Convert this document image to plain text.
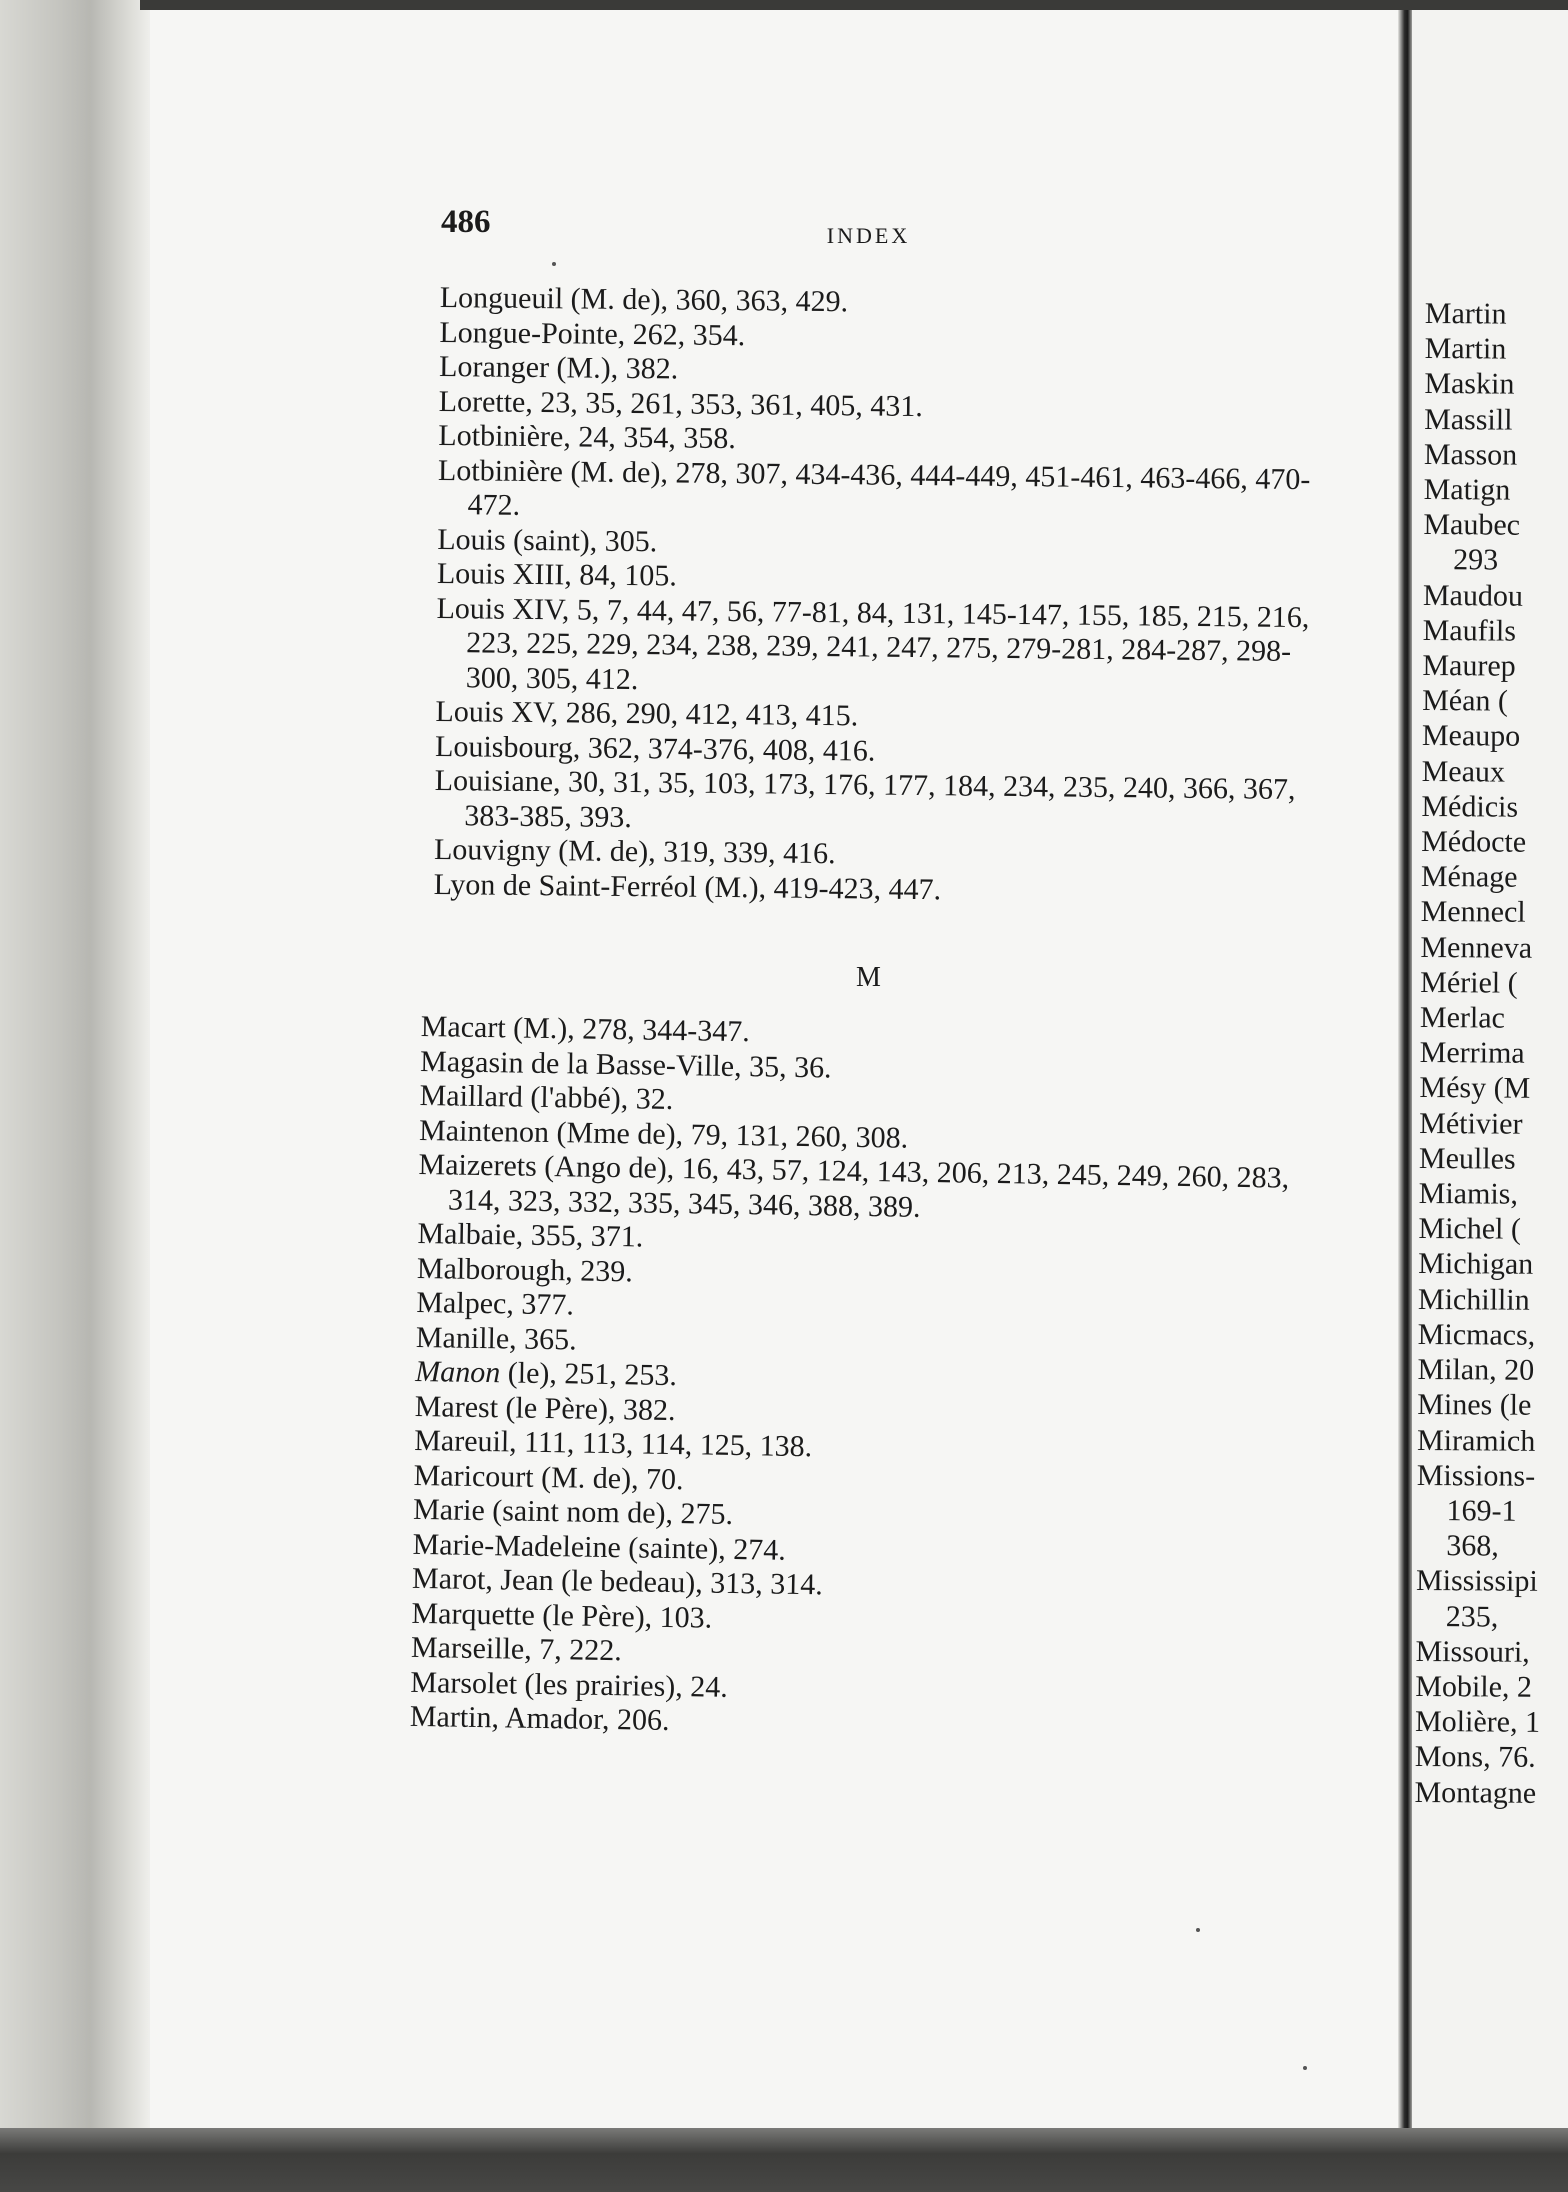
486	INDEX

Longueuil (M. de), 360, 363, 429.
Longue-Pointe, 262, 354.
Loranger (M.), 382.
Lorette, 23, 35, 261, 353, 361, 405, 431.
Lotbinière, 24, 354, 358.
Lotbinière (M. de), 278, 307, 434-436, 444-449, 451-461, 463-466, 470-472.
Louis (saint), 305.
Louis XIII, 84, 105.
Louis XIV, 5, 7, 44, 47, 56, 77-81, 84, 131, 145-147, 155, 185, 215, 216, 223, 225, 229, 234, 238, 239, 241, 247, 275, 279-281, 284-287, 298-300, 305, 412.
Louis XV, 286, 290, 412, 413, 415.
Louisbourg, 362, 374-376, 408, 416.
Louisiane, 30, 31, 35, 103, 173, 176, 177, 184, 234, 235, 240, 366, 367, 383-385, 393.
Louvigny (M. de), 319, 339, 416.
Lyon de Saint-Ferréol (M.), 419-423, 447.

M

Macart (M.), 278, 344-347.
Magasin de la Basse-Ville, 35, 36.
Maillard (l'abbé), 32.
Maintenon (Mme de), 79, 131, 260, 308.
Maizerets (Ango de), 16, 43, 57, 124, 143, 206, 213, 245, 249, 260, 283, 314, 323, 332, 335, 345, 346, 388, 389.
Malbaie, 355, 371.
Malborough, 239.
Malpec, 377.
Manille, 365.
Manon (le), 251, 253.
Marest (le Père), 382.
Mareuil, 111, 113, 114, 125, 138.
Maricourt (M. de), 70.
Marie (saint nom de), 275.
Marie-Madeleine (sainte), 274.
Marot, Jean (le bedeau), 313, 314.
Marquette (le Père), 103.
Marseille, 7, 222.
Marsolet (les prairies), 24.
Martin, Amador, 206.
Martin
Martin
Maskin
Massill
Masson
Matign
Maubec
293
Maudou
Maufils
Maurep
Méan (
Meaupo
Meaux
Médicis
Médocte
Ménage
Mennecl
Menneva
Mériel (
Merlac
Merrima
Mésy (M
Métivier
Meulles
Miamis,
Michel (
Michigan
Michillin
Micmacs,
Milan, 20
Mines (le
Miramich
Missions-
169-1
368,
Mississipi
235,
Missouri,
Mobile, 2
Molière, 1
Mons, 76.
Montagne
